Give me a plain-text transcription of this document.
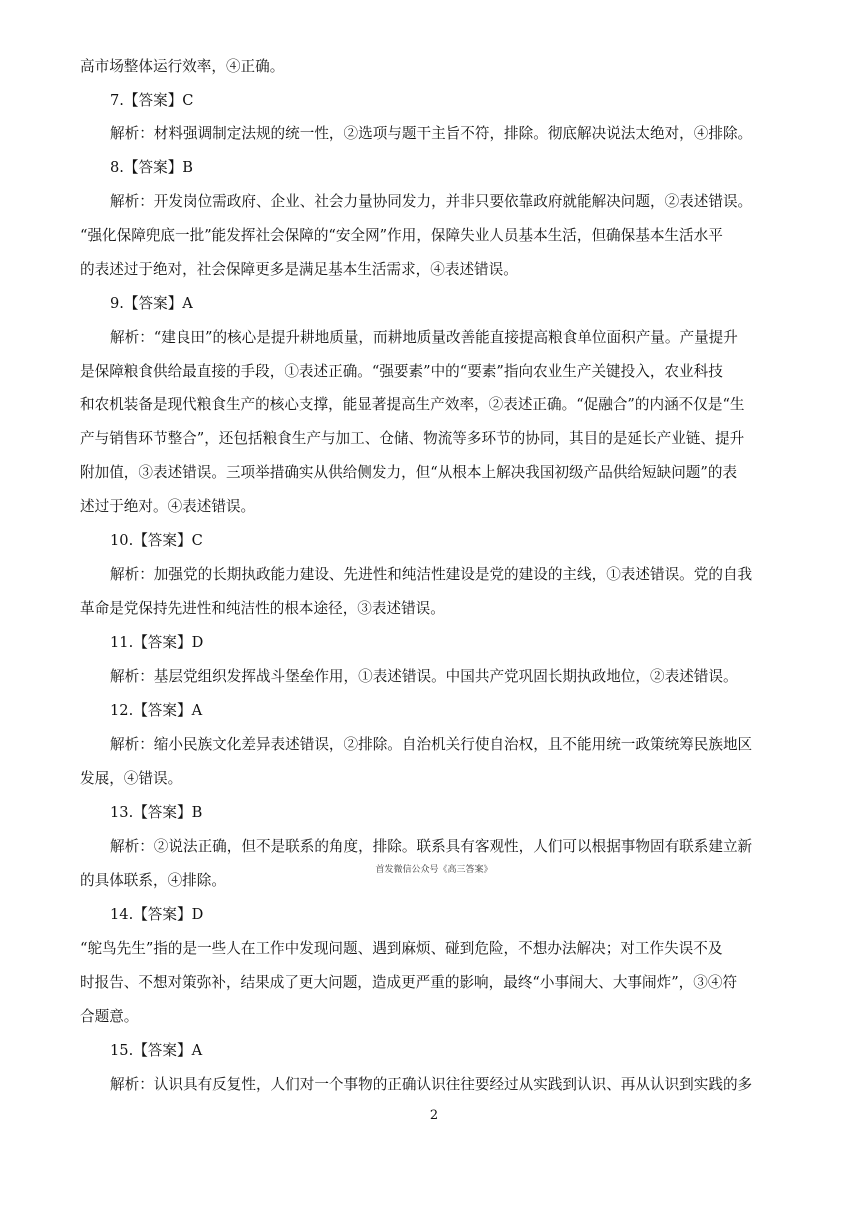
高市场整体运行效率，④正确。
7.【答案】C
解析：材料强调制定法规的统一性，②选项与题干主旨不符，排除。彻底解决说法太绝对，④排除。
8.【答案】B
解析：开发岗位需政府、企业、社会力量协同发力，并非只要依靠政府就能解决问题，②表述错误。
“强化保障兜底一批”能发挥社会保障的“安全网”作用，保障失业人员基本生活，但确保基本生活水平
的表述过于绝对，社会保障更多是满足基本生活需求，④表述错误。
9.【答案】A
解析：“建良田”的核心是提升耕地质量，而耕地质量改善能直接提高粮食单位面积产量。产量提升
是保障粮食供给最直接的手段，①表述正确。“强要素”中的“要素”指向农业生产关键投入，农业科技
和农机装备是现代粮食生产的核心支撑，能显著提高生产效率，②表述正确。“促融合”的内涵不仅是“生
产与销售环节整合”，还包括粮食生产与加工、仓储、物流等多环节的协同，其目的是延长产业链、提升
附加值，③表述错误。三项举措确实从供给侧发力，但“从根本上解决我国初级产品供给短缺问题”的表
述过于绝对。④表述错误。
10.【答案】C
解析：加强党的长期执政能力建设、先进性和纯洁性建设是党的建设的主线，①表述错误。党的自我
革命是党保持先进性和纯洁性的根本途径，③表述错误。
11.【答案】D
解析：基层党组织发挥战斗堡垒作用，①表述错误。中国共产党巩固长期执政地位，②表述错误。
12.【答案】A
解析：缩小民族文化差异表述错误，②排除。自治机关行使自治权，且不能用统一政策统筹民族地区
发展，④错误。
13.【答案】B
解析：②说法正确，但不是联系的角度，排除。联系具有客观性，人们可以根据事物固有联系建立新
的具体联系，④排除。
14.【答案】D
“鸵鸟先生”指的是一些人在工作中发现问题、遇到麻烦、碰到危险，不想办法解决；对工作失误不及
时报告、不想对策弥补，结果成了更大问题，造成更严重的影响，最终“小事闹大、大事闹炸”，③④符
合题意。
15.【答案】A
解析：认识具有反复性，人们对一个事物的正确认识往往要经过从实践到认识、再从认识到实践的多
首发微信公众号《高三答案》
2
